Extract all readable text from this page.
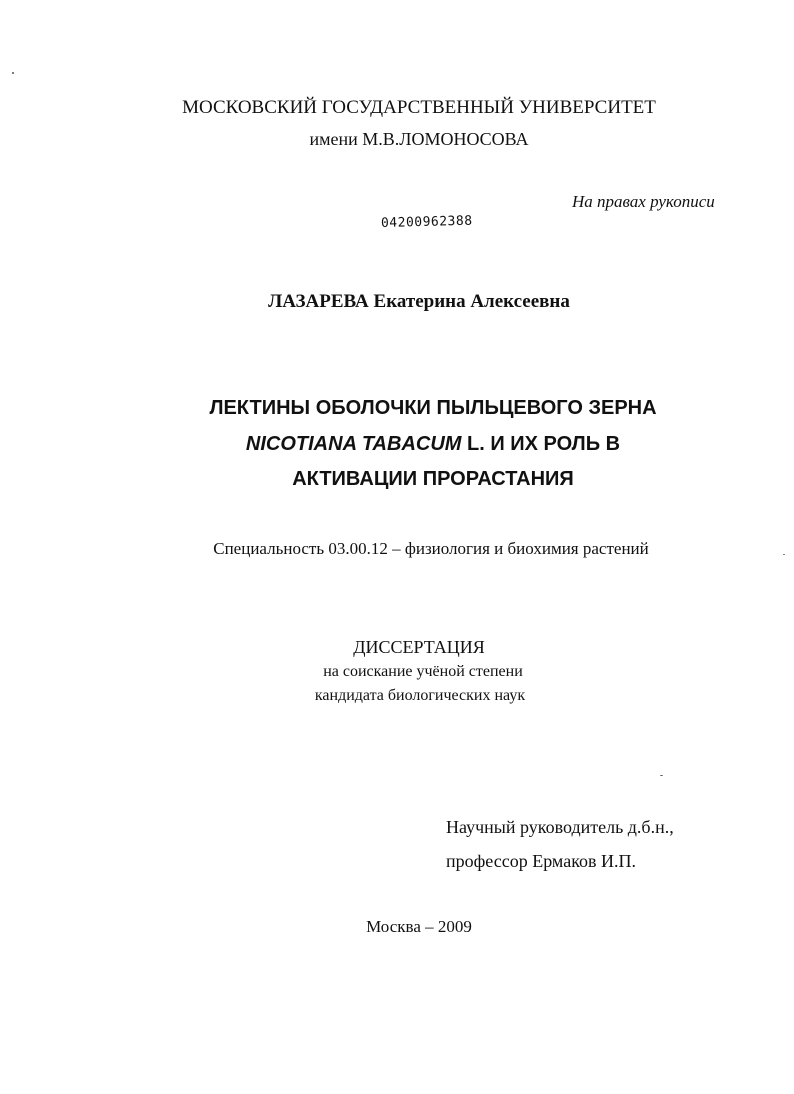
МОСКОВСКИЙ ГОСУДАРСТВЕННЫЙ УНИВЕРСИТЕТ
имени М.В.ЛОМОНОСОВА
На правах рукописи
04200962388
ЛАЗАРЕВА Екатерина Алексеевна
ЛЕКТИНЫ ОБОЛОЧКИ ПЫЛЬЦЕВОГО ЗЕРНА
NICOTIANA TABACUM L. И ИХ РОЛЬ В
АКТИВАЦИИ ПРОРАСТАНИЯ
Специальность 03.00.12 – физиология и биохимия растений
ДИССЕРТАЦИЯ
на соискание учёной степени
кандидата биологических наук
Научный руководитель д.б.н.,
профессор Ермаков И.П.
Москва – 2009
